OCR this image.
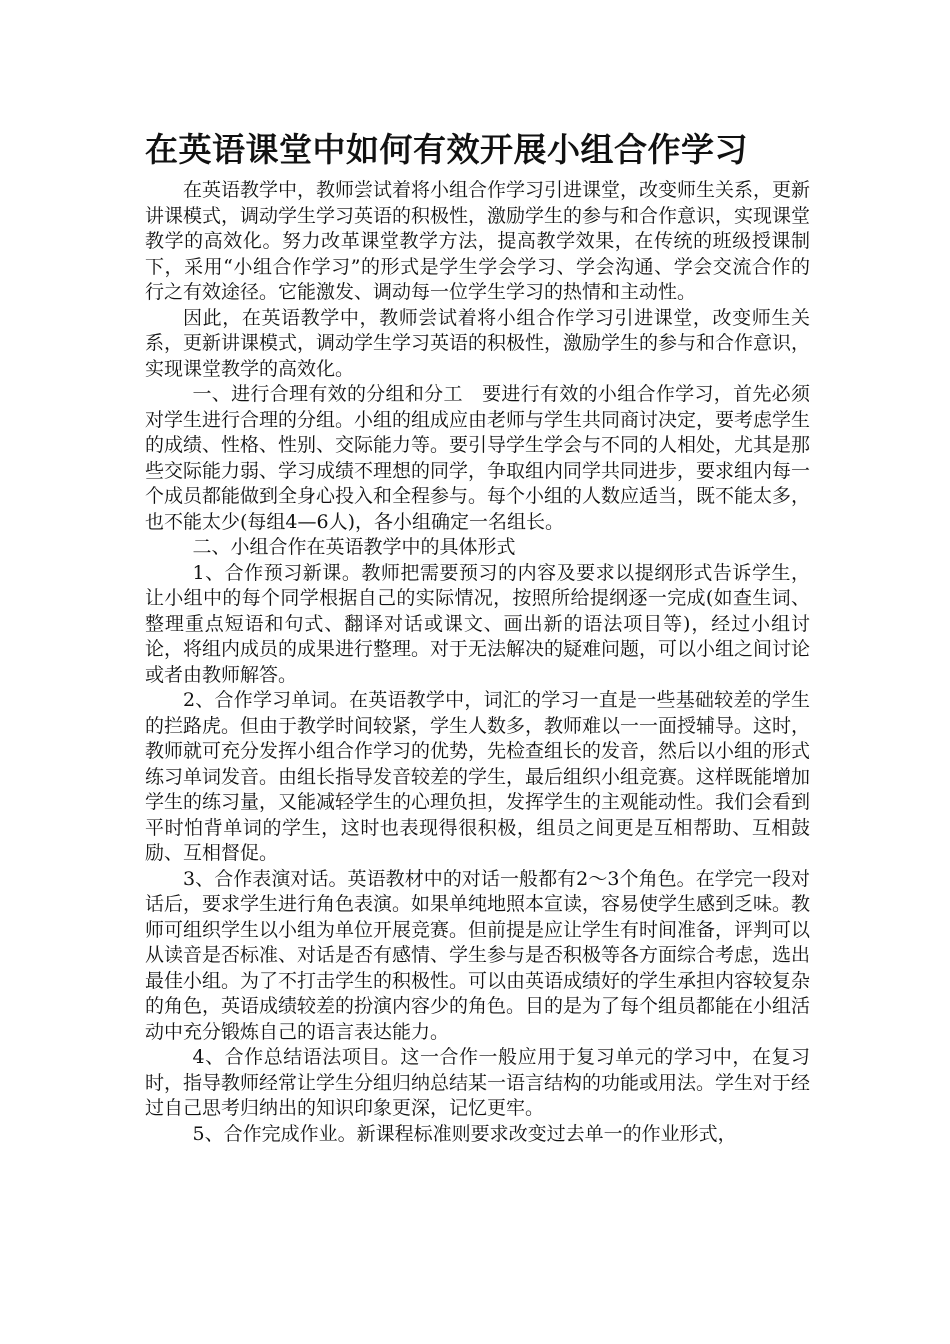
在英语课堂中如何有效开展小组合作学习

在英语教学中，教师尝试着将小组合作学习引进课堂，改变师生关系，更新讲课模式，调动学生学习英语的积极性，激励学生的参与和合作意识，实现课堂教学的高效化。努力改革课堂教学方法，提高教学效果，在传统的班级授课制下，采用“小组合作学习”的形式是学生学会学习、学会沟通、学会交流合作的行之有效途径。它能激发、调动每一位学生学习的热情和主动性。

因此，在英语教学中，教师尝试着将小组合作学习引进课堂，改变师生关系，更新讲课模式，调动学生学习英语的积极性，激励学生的参与和合作意识，实现课堂教学的高效化。

一、进行合理有效的分组和分工　要进行有效的小组合作学习，首先必须对学生进行合理的分组。小组的组成应由老师与学生共同商讨决定，要考虑学生的成绩、性格、性别、交际能力等。要引导学生学会与不同的人相处，尤其是那些交际能力弱、学习成绩不理想的同学，争取组内同学共同进步，要求组内每一个成员都能做到全身心投入和全程参与。每个小组的人数应适当，既不能太多，也不能太少(每组4—6人)，各小组确定一名组长。

二、小组合作在英语教学中的具体形式

1、合作预习新课。教师把需要预习的内容及要求以提纲形式告诉学生，让小组中的每个同学根据自己的实际情况，按照所给提纲逐一完成(如查生词、整理重点短语和句式、翻译对话或课文、画出新的语法项目等)，经过小组讨论，将组内成员的成果进行整理。对于无法解决的疑难问题，可以小组之间讨论或者由教师解答。

2、合作学习单词。在英语教学中，词汇的学习一直是一些基础较差的学生的拦路虎。但由于教学时间较紧，学生人数多，教师难以一一面授辅导。这时，教师就可充分发挥小组合作学习的优势，先检查组长的发音，然后以小组的形式练习单词发音。由组长指导发音较差的学生，最后组织小组竞赛。这样既能增加学生的练习量，又能减轻学生的心理负担，发挥学生的主观能动性。我们会看到平时怕背单词的学生，这时也表现得很积极，组员之间更是互相帮助、互相鼓励、互相督促。

3、合作表演对话。英语教材中的对话一般都有2～3个角色。在学完一段对话后，要求学生进行角色表演。如果单纯地照本宣读，容易使学生感到乏味。教师可组织学生以小组为单位开展竞赛。但前提是应让学生有时间准备，评判可以从读音是否标准、对话是否有感情、学生参与是否积极等各方面综合考虑，选出最佳小组。为了不打击学生的积极性。可以由英语成绩好的学生承担内容较复杂的角色，英语成绩较差的扮演内容少的角色。目的是为了每个组员都能在小组活动中充分锻炼自己的语言表达能力。

4、合作总结语法项目。这一合作一般应用于复习单元的学习中，在复习时，指导教师经常让学生分组归纳总结某一语言结构的功能或用法。学生对于经过自己思考归纳出的知识印象更深，记忆更牢。

5、合作完成作业。新课程标准则要求改变过去单一的作业形式，
